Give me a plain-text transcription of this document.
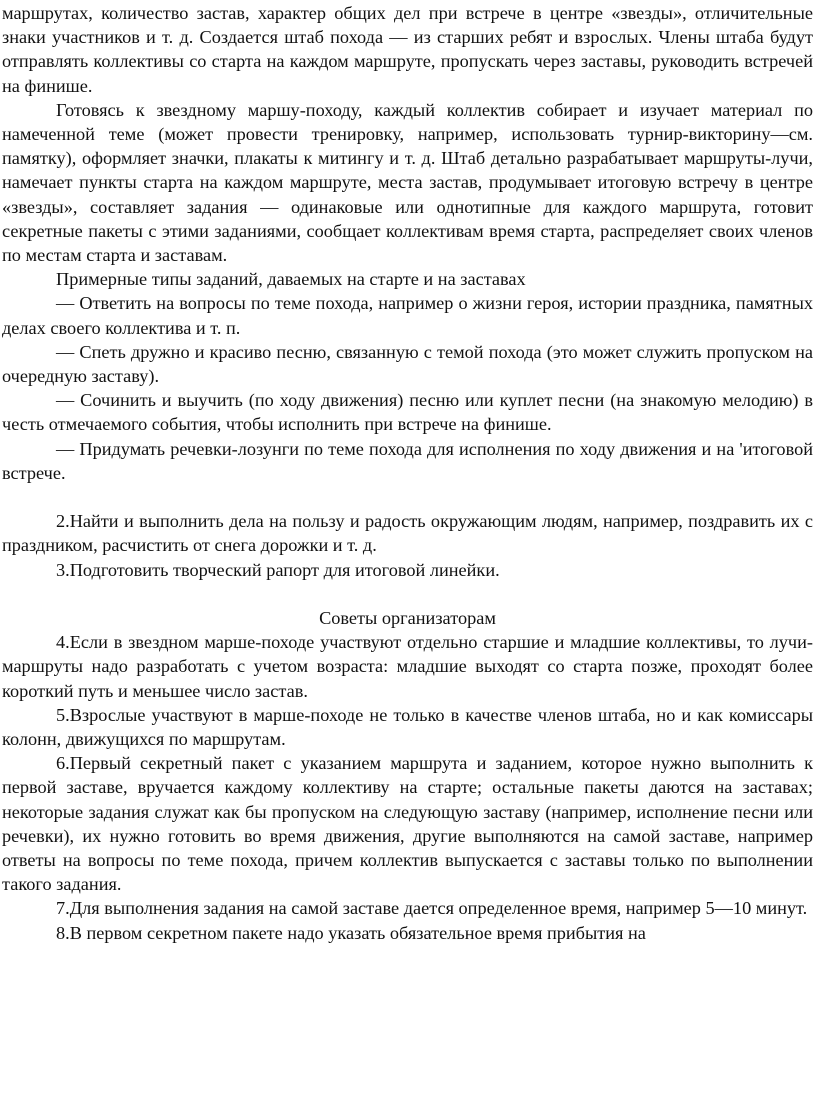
маршрутах, количество застав, характер общих дел при встрече в центре «звезды», отличительные знаки участников и т. д. Создается штаб похода — из старших ребят и взрослых. Члены штаба будут отправлять коллективы со старта на каждом маршруте, пропускать через заставы, руководить встречей на финише.

Готовясь к звездному маршу-походу, каждый коллектив собирает и изучает материал по намеченной теме (может провести тренировку, например, использовать турнир-викторину—см. памятку), оформляет значки, плакаты к митингу и т. д. Штаб детально разрабатывает маршруты-лучи, намечает пункты старта на каждом маршруте, места застав, продумывает итоговую встречу в центре «звезды», составляет задания — одинаковые или однотипные для каждого маршрута, готовит секретные пакеты с этими заданиями, сообщает коллективам время старта, распределяет своих членов по местам старта и заставам.

Примерные типы заданий, даваемых на старте и на заставах

— Ответить на вопросы по теме похода, например о жизни героя, истории праздника, памятных делах своего коллектива и т. п.

— Спеть дружно и красиво песню, связанную с темой похода (это может служить пропуском на очередную заставу).

— Сочинить и выучить (по ходу движения) песню или куплет песни (на знакомую мелодию) в честь отмечаемого события, чтобы исполнить при встрече на финише.

— Придумать речевки-лозунги по теме похода для исполнения по ходу движения и на 'итоговой встрече.

2.Найти и выполнить дела на пользу и радость окружающим людям, например, поздравить их с праздником, расчистить от снега дорожки и т. д.

3.Подготовить творческий рапорт для итоговой линейки.

Советы организаторам

4.Если в звездном марше-походе участвуют отдельно старшие и младшие коллективы, то лучи-маршруты надо разработать с учетом возраста: младшие выходят со старта позже, проходят более короткий путь и меньшее число застав.

5.Взрослые участвуют в марше-походе не только в качестве членов штаба, но и как комиссары колонн, движущихся по маршрутам.

6.Первый секретный пакет с указанием маршрута и заданием, которое нужно выполнить к первой заставе, вручается каждому коллективу на старте; остальные пакеты даются на заставах; некоторые задания служат как бы пропуском на следующую заставу (например, исполнение песни или речевки), их нужно готовить во время движения, другие выполняются на самой заставе, например ответы на вопросы по теме похода, причем коллектив выпускается с заставы только по выполнении такого задания.

7.Для выполнения задания на самой заставе дается определенное время, например 5—10 минут.

8.В первом секретном пакете надо указать обязательное время прибытия на
